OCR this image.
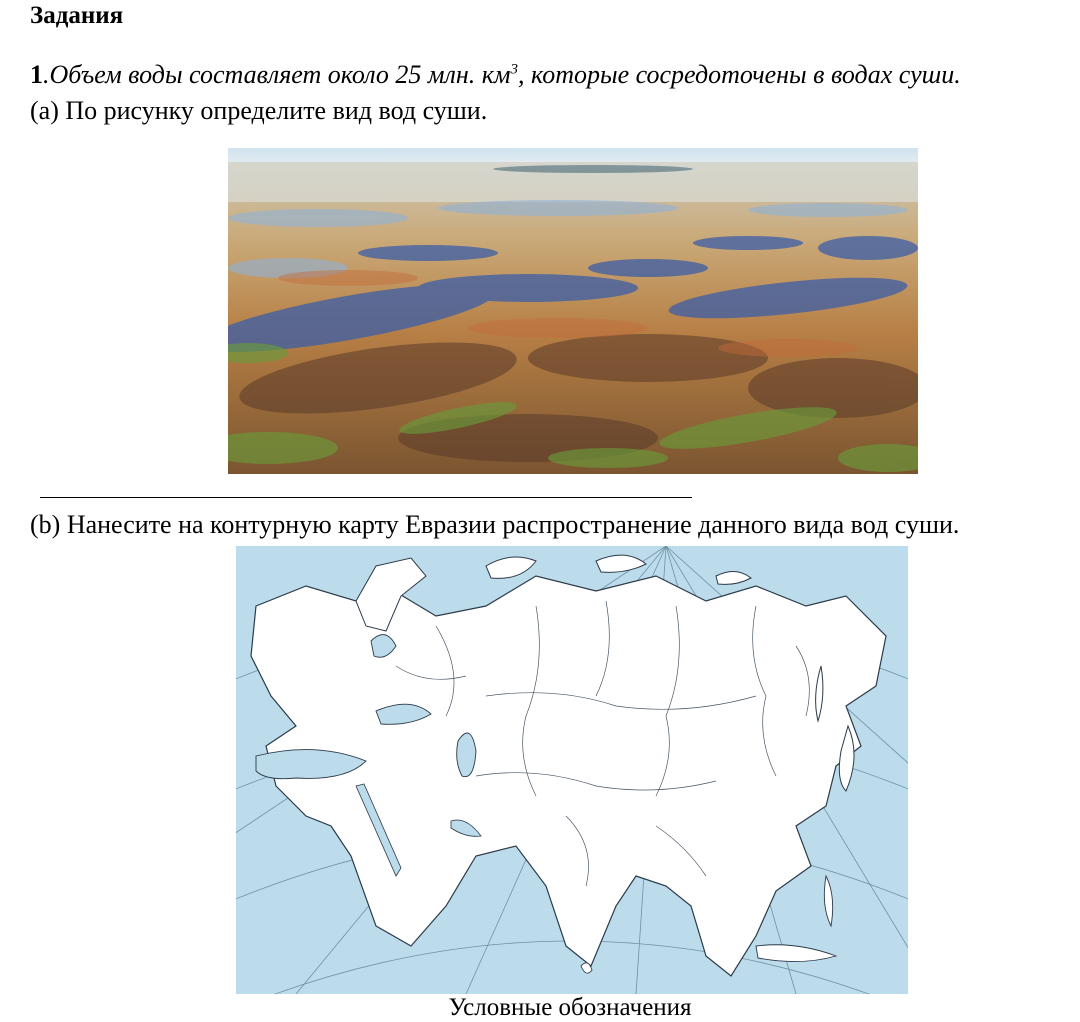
Задания
1.Объем воды составляет около 25 млн. $км^3$, которые сосредоточены в водах суши.
(a) По рисунку определите вид вод суши.
(b) Нанесите на контурную карту Евразии распространение данного вида вод суши.
Условные обозначения
